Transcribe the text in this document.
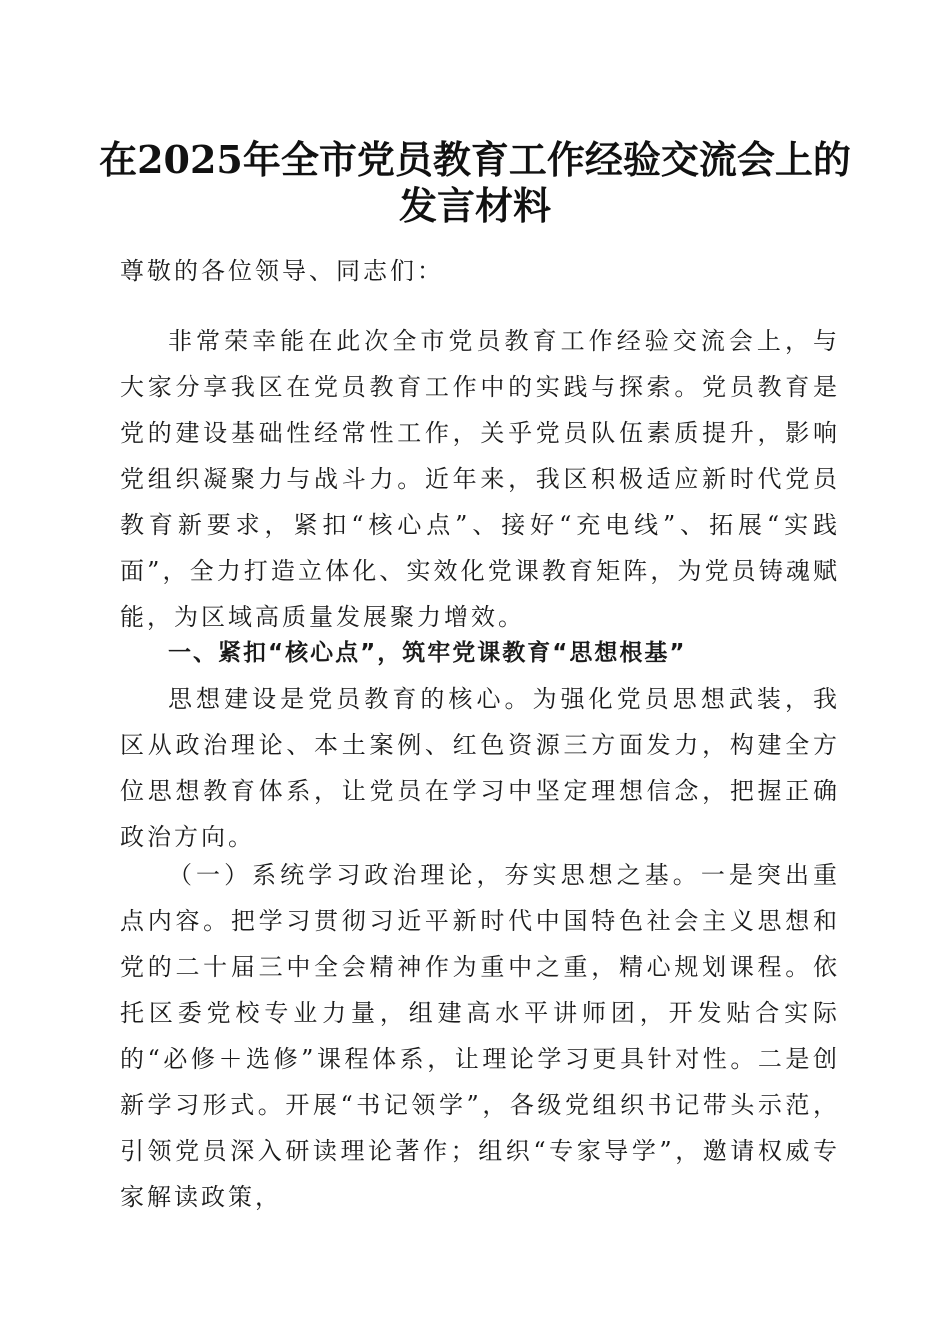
在2025年全市党员教育工作经验交流会上的
发言材料

尊敬的各位领导、同志们：

非常荣幸能在此次全市党员教育工作经验交流会上，与大家分享我区在党员教育工作中的实践与探索。党员教育是党的建设基础性经常性工作，关乎党员队伍素质提升，影响党组织凝聚力与战斗力。近年来，我区积极适应新时代党员教育新要求，紧扣“核心点”、接好“充电线”、拓展“实践面”，全力打造立体化、实效化党课教育矩阵，为党员铸魂赋能，为区域高质量发展聚力增效。

一、紧扣“核心点”，筑牢党课教育“思想根基”

思想建设是党员教育的核心。为强化党员思想武装，我区从政治理论、本土案例、红色资源三方面发力，构建全方位思想教育体系，让党员在学习中坚定理想信念，把握正确政治方向。

（一）系统学习政治理论，夯实思想之基。一是突出重点内容。把学习贯彻习近平新时代中国特色社会主义思想和党的二十届三中全会精神作为重中之重，精心规划课程。依托区委党校专业力量，组建高水平讲师团，开发贴合实际的“必修＋选修”课程体系，让理论学习更具针对性。二是创新学习形式。开展“书记领学”，各级党组织书记带头示范，引领党员深入研读理论著作；组织“专家导学”，邀请权威专家解读政策，
